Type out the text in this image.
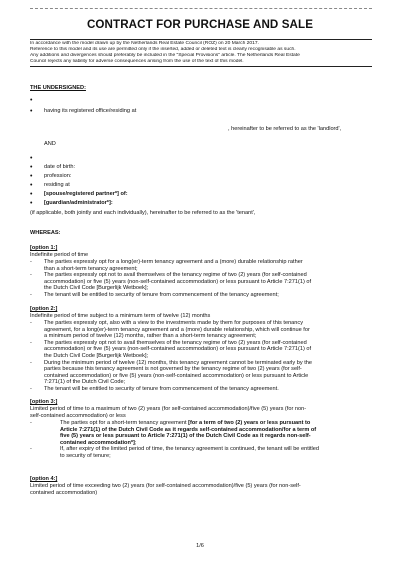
CONTRACT FOR PURCHASE AND SALE
In accordance with the model drawn up by the Netherlands Real Estate Council (ROZ) on 20 March 2017.
Reference to this model and its use are permitted only if the inserted, added or deleted text is clearly recognisable as such.
Any additions and divergences should preferably be included in the "Special Provisions" article. The Netherlands Real Estate
Council rejects any liability for adverse consequences arising from the use of the text of this model.
THE UNDERSIGNED:
•
• having its registered office/residing at
, hereinafter to be referred to as the 'landlord',
AND
•
• date of birth:
• profession:
• residing at
• [spouse/registered partner*] of:
• [guardian/administrator*]:
(if applicable, both jointly and each individually), hereinafter to be referred to as the 'tenant',
WHEREAS:
[option 1:]
Indefinite period of time
- The parties expressly opt for a long(er)-term tenancy agreement and a (more) durable relationship rather
than a short-term tenancy agreement;
- The parties expressly opt not to avail themselves of the tenancy regime of two (2) years (for self-contained
accommodation) or five (5) years (non-self-contained accommodation) or less pursuant to Article 7:271(1) of
the Dutch Civil Code [Burgerlijk Wetboek];
- The tenant will be entitled to security of tenure from commencement of the tenancy agreement;
[option 2:]
Indefinite period of time subject to a minimum term of twelve (12) months
- The parties expressly opt, also with a view to the investments made by them for purposes of this tenancy
agreement, for a long(er)-term tenancy agreement and a (more) durable relationship, which will continue for
a minimum period of twelve (12) months, rather than a short-term tenancy agreement;
- The parties expressly opt not to avail themselves of the tenancy regime of two (2) years (for self-contained
accommodation) or five (5) years (non-self-contained accommodation) or less pursuant to Article 7:271(1) of
the Dutch Civil Code [Burgerlijk Wetboek];
- During the minimum period of twelve (12) months, this tenancy agreement cannot be terminated early by the
parties because this tenancy agreement is not governed by the tenancy regime of two (2) years (for self-
contained accommodation) or five (5) years (non-self-contained accommodation) or less pursuant to Article
7:271(1) of the Dutch Civil Code;
- The tenant will be entitled to security of tenure from commencement of the tenancy agreement.
[option 3:]
Limited period of time to a maximum of two (2) years (for self-contained accommodation)/five (5) years (for non-
self-contained accommodation) or less
-	The parties opt for a short-term tenancy agreement [for a term of two (2) years or less pursuant to
Article 7:271(1) of the Dutch Civil Code as it regards self-contained accommodation/for a term of
five (5) years or less pursuant to Article 7:271(1) of the Dutch Civil Code as it regards non-self-
contained accommodation*];
-	If, after expiry of the limited period of time, the tenancy agreement is continued, the tenant will be entitled
to security of tenure;
[option 4:]
Limited period of time exceeding two (2) years (for self-contained accommodation)/five (5) years (for non-self-
contained accommodation)
1/6
